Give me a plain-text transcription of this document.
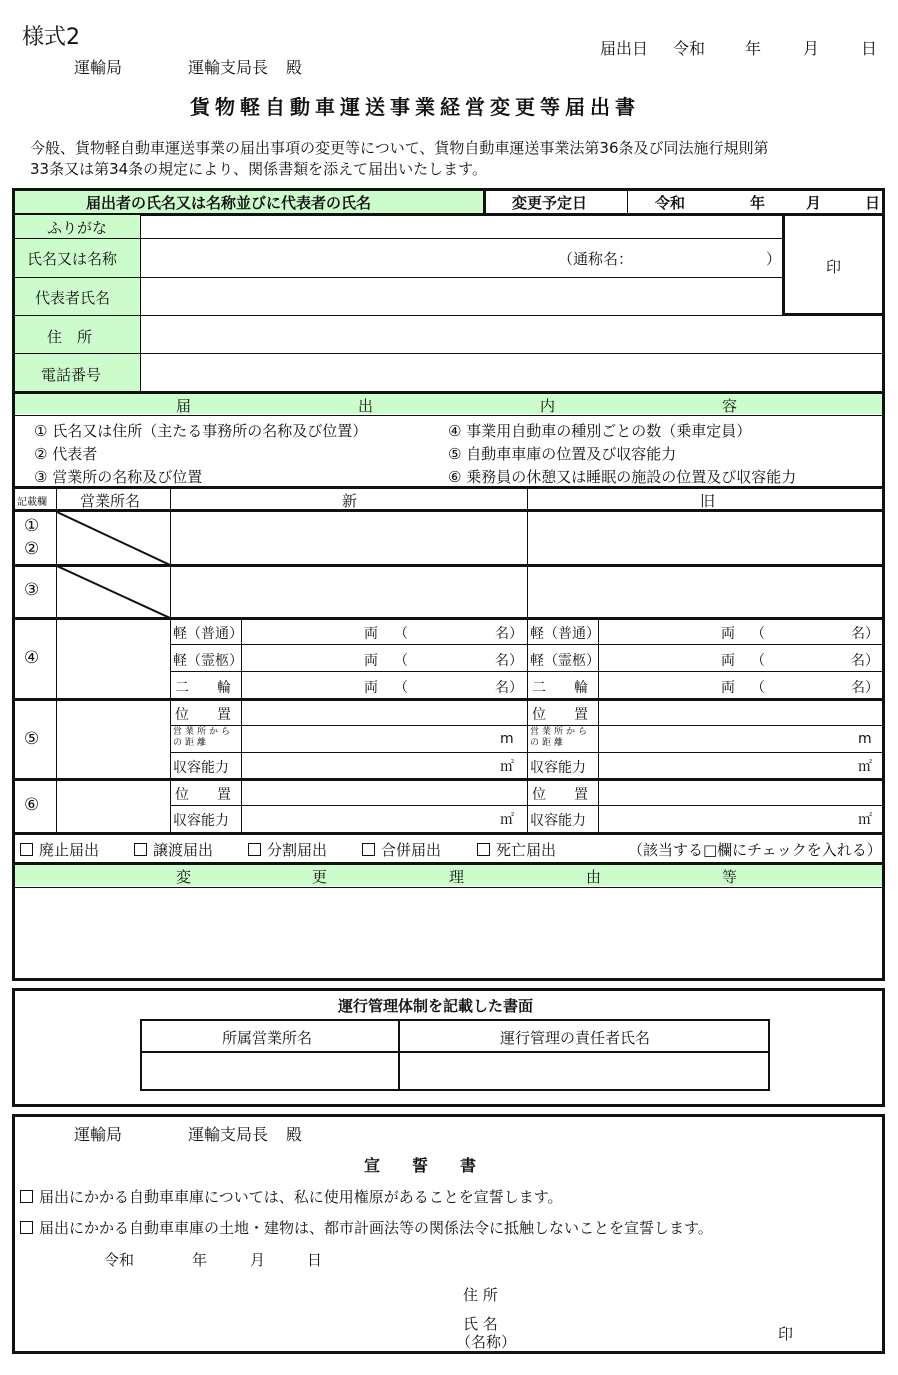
様式2
運輸局	運輸支局長 殿
届出日 令和 年	月	日
貨物軽自動車運送事業経営変更等届出書
今般、貨物軽自動車運送事業の届出事項の変更等について、貨物自動車運送事業法第36条及び同法施行規則第
33条又は第34条の規定により、関係書類を添えて届出いたします。
届出者の氏名又は名称並びに代表者の氏名	変更予定日	令和	年	月	日
ふりがな
氏名又は名称	（通称名：	）
代表者氏名
印
住　所
電話番号
届	出	内	容
① 氏名又は住所（主たる事務所の名称及び位置）
② 代表者
③ 営業所の名称及び位置
④ 事業用自動車の種別ごとの数（乗車定員）
⑤ 自動車車庫の位置及び収容能力
⑥ 乗務員の休憩又は睡眠の施設の位置及び収容能力
記載欄 営業所名	新	旧
①
②
③
④
軽（普通）	両 （	名） 軽（普通）	両 （	名）
軽（霊柩）	両 （	名） 軽（霊柩）	両 （	名）
二　　輪	両 （	名） 二　　輪	両 （	名）
⑤
位　　置	位　　置
営業所からの距離	m 営業所からの距離	m
収容能力	㎡ 収容能力	㎡
⑥	位　　置	位　　置
収容能力	㎡ 収容能力	㎡
廃止届出	譲渡届出	分割届出	合併届出	死亡届出	（該当する□欄にチェックを入れる）
変	更	理	由	等
運行管理体制を記載した書面
所属営業所名	運行管理の責任者氏名
運輸局	運輸支局長 殿
宣　　誓　　書
届出にかかる自動車車庫については、私に使用権原があることを宣誓します。
届出にかかる自動車車庫の土地・建物は、都市計画法等の関係法令に抵触しないことを宣誓します。
令和	年	月	日
住 所
氏 名
（名称）	印
